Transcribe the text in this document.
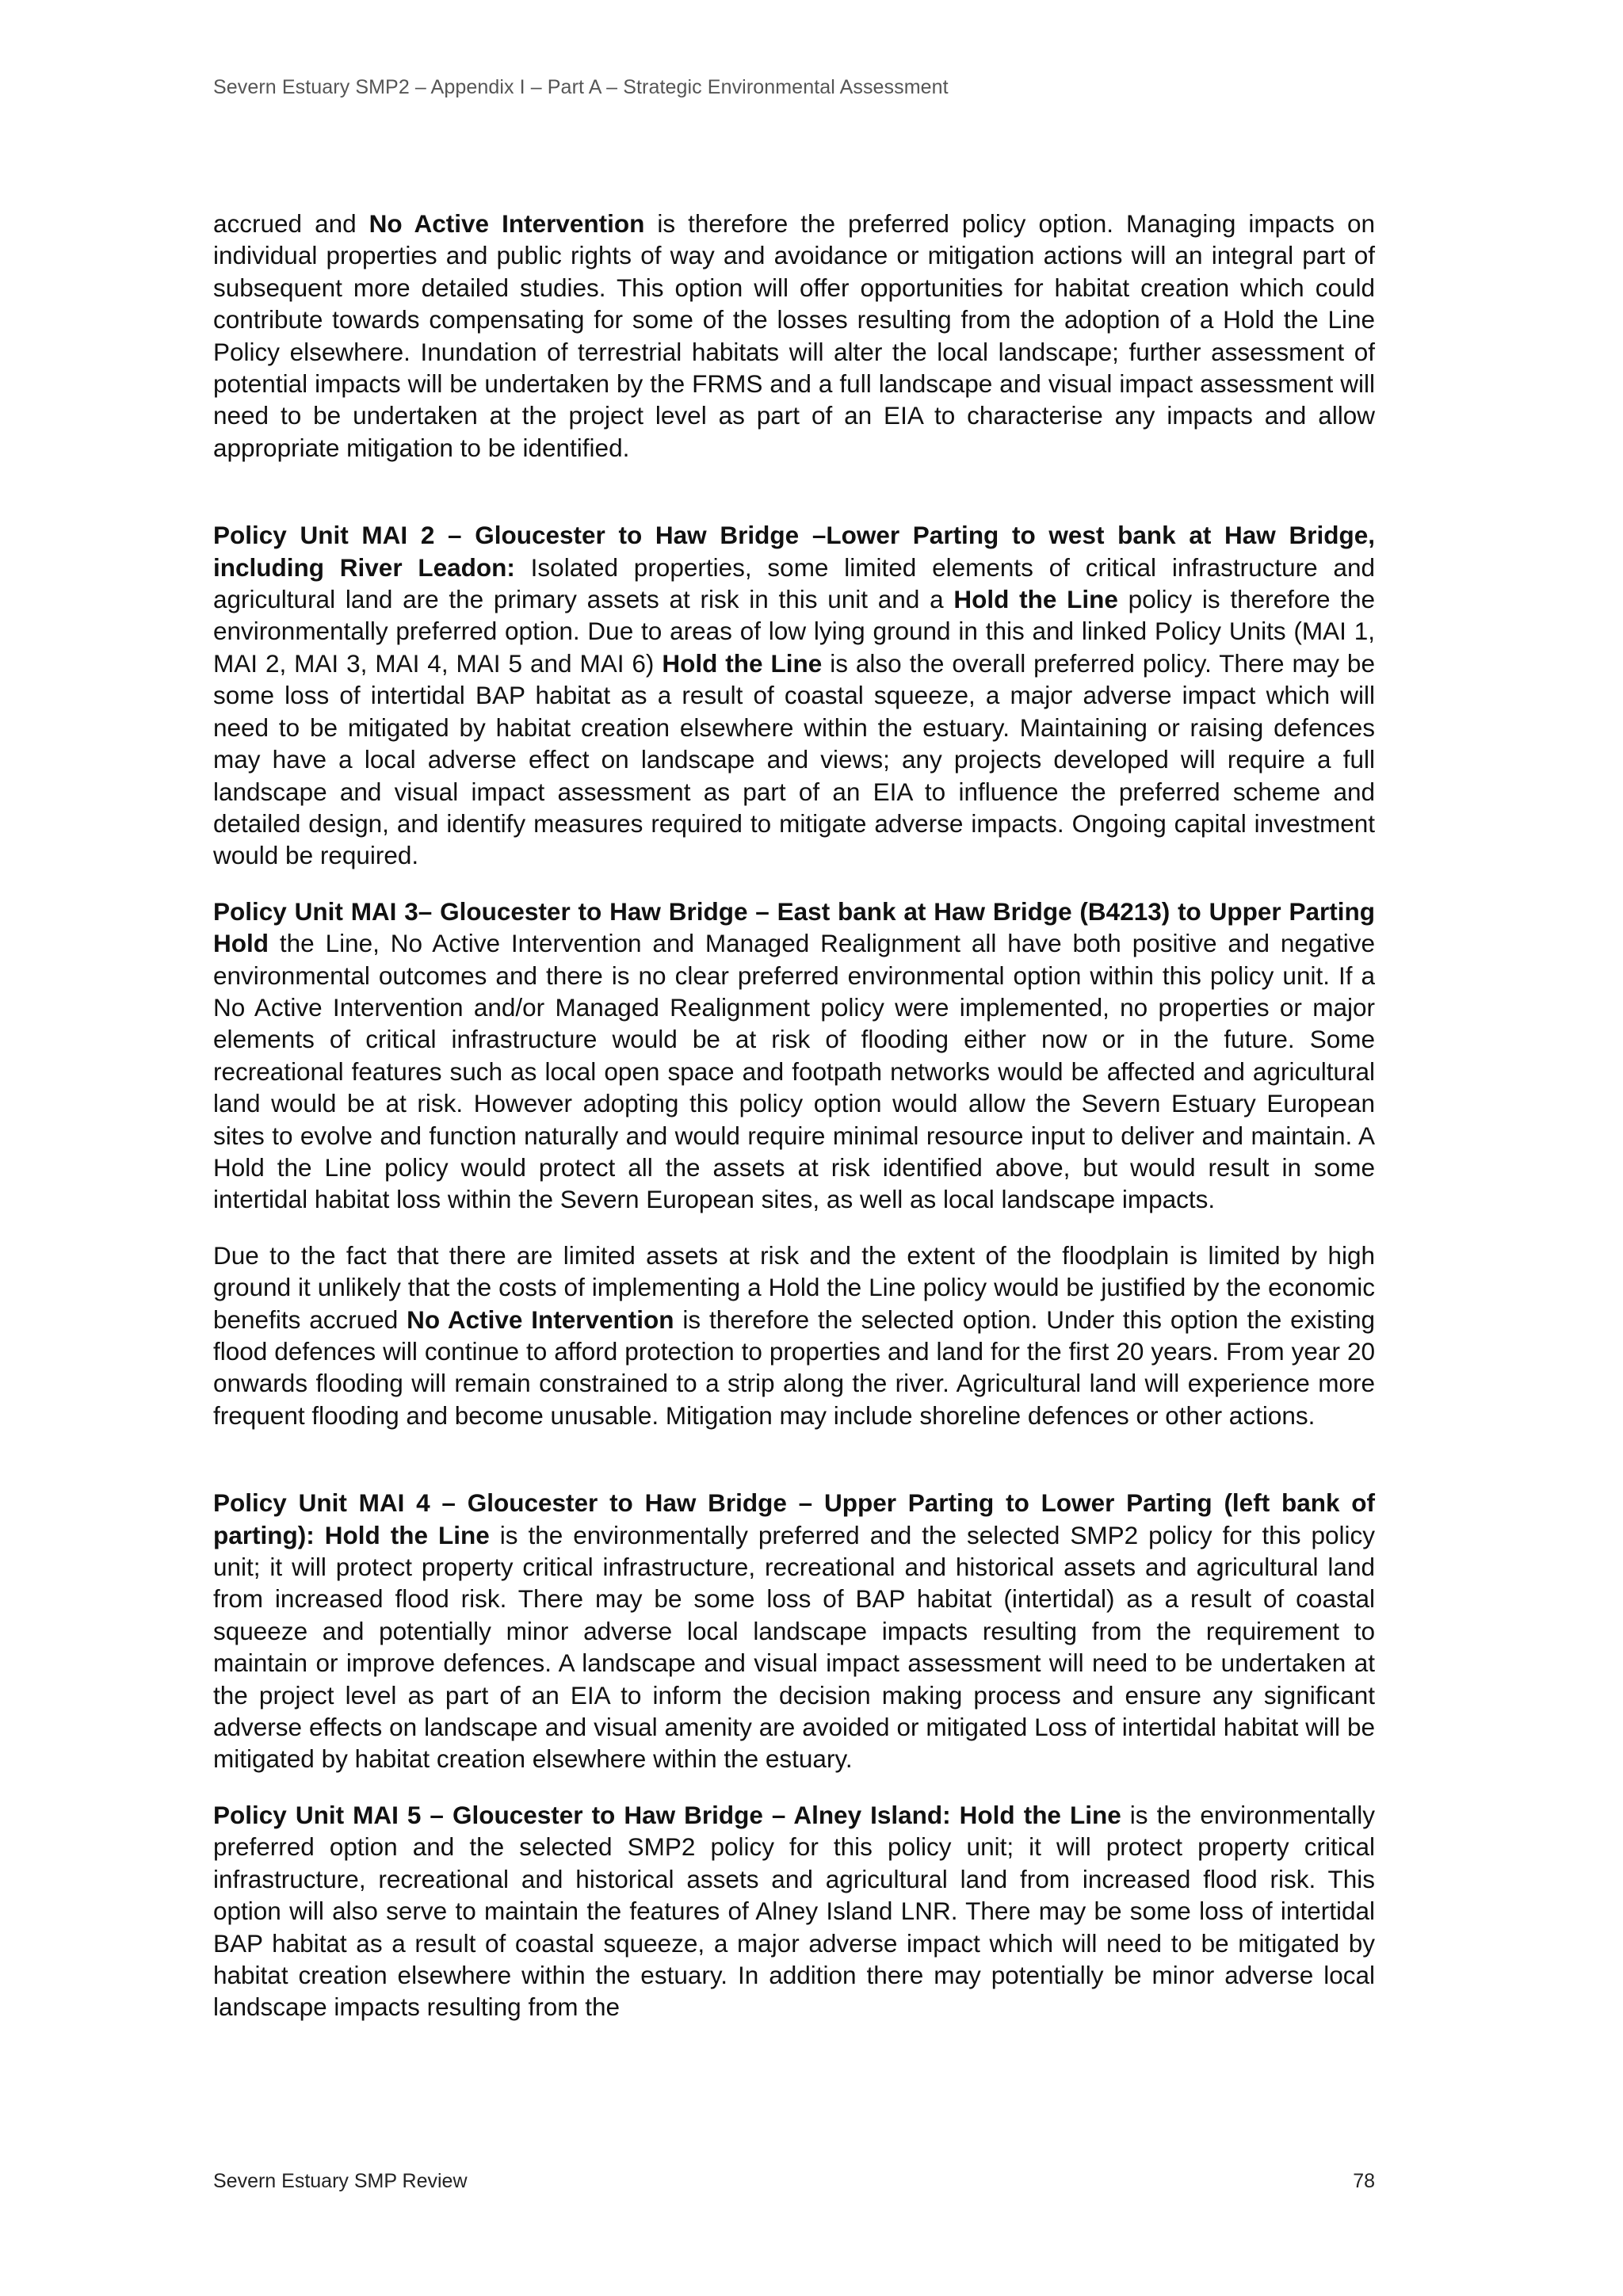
Severn Estuary SMP2 – Appendix I – Part A – Strategic Environmental Assessment

accrued and No Active Intervention is therefore the preferred policy option. Managing impacts on individual properties and public rights of way and avoidance or mitigation actions will an integral part of subsequent more detailed studies. This option will offer opportunities for habitat creation which could contribute towards compensating for some of the losses resulting from the adoption of a Hold the Line Policy elsewhere. Inundation of terrestrial habitats will alter the local landscape; further assessment of potential impacts will be undertaken by the FRMS and a full landscape and visual impact assessment will need to be undertaken at the project level as part of an EIA to characterise any impacts and allow appropriate mitigation to be identified.

Policy Unit MAI 2 – Gloucester to Haw Bridge –Lower Parting to west bank at Haw Bridge, including River Leadon: Isolated properties, some limited elements of critical infrastructure and agricultural land are the primary assets at risk in this unit and a Hold the Line policy is therefore the environmentally preferred option. Due to areas of low lying ground in this and linked Policy Units (MAI 1, MAI 2, MAI 3, MAI 4, MAI 5 and MAI 6) Hold the Line is also the overall preferred policy. There may be some loss of intertidal BAP habitat as a result of coastal squeeze, a major adverse impact which will need to be mitigated by habitat creation elsewhere within the estuary. Maintaining or raising defences may have a local adverse effect on landscape and views; any projects developed will require a full landscape and visual impact assessment as part of an EIA to influence the preferred scheme and detailed design, and identify measures required to mitigate adverse impacts. Ongoing capital investment would be required.

Policy Unit MAI 3– Gloucester to Haw Bridge – East bank at Haw Bridge (B4213) to Upper Parting Hold the Line, No Active Intervention and Managed Realignment all have both positive and negative environmental outcomes and there is no clear preferred environmental option within this policy unit. If a No Active Intervention and/or Managed Realignment policy were implemented, no properties or major elements of critical infrastructure would be at risk of flooding either now or in the future. Some recreational features such as local open space and footpath networks would be affected and agricultural land would be at risk. However adopting this policy option would allow the Severn Estuary European sites to evolve and function naturally and would require minimal resource input to deliver and maintain. A Hold the Line policy would protect all the assets at risk identified above, but would result in some intertidal habitat loss within the Severn European sites, as well as local landscape impacts.

Due to the fact that there are limited assets at risk and the extent of the floodplain is limited by high ground it unlikely that the costs of implementing a Hold the Line policy would be justified by the economic benefits accrued No Active Intervention is therefore the selected option. Under this option the existing flood defences will continue to afford protection to properties and land for the first 20 years. From year 20 onwards flooding will remain constrained to a strip along the river. Agricultural land will experience more frequent flooding and become unusable. Mitigation may include shoreline defences or other actions.

Policy Unit MAI 4 – Gloucester to Haw Bridge – Upper Parting to Lower Parting (left bank of parting): Hold the Line is the environmentally preferred and the selected SMP2 policy for this policy unit; it will protect property critical infrastructure, recreational and historical assets and agricultural land from increased flood risk. There may be some loss of BAP habitat (intertidal) as a result of coastal squeeze and potentially minor adverse local landscape impacts resulting from the requirement to maintain or improve defences. A landscape and visual impact assessment will need to be undertaken at the project level as part of an EIA to inform the decision making process and ensure any significant adverse effects on landscape and visual amenity are avoided or mitigated Loss of intertidal habitat will be mitigated by habitat creation elsewhere within the estuary.

Policy Unit MAI 5 – Gloucester to Haw Bridge – Alney Island: Hold the Line is the environmentally preferred option and the selected SMP2 policy for this policy unit; it will protect property critical infrastructure, recreational and historical assets and agricultural land from increased flood risk. This option will also serve to maintain the features of Alney Island LNR. There may be some loss of intertidal BAP habitat as a result of coastal squeeze, a major adverse impact which will need to be mitigated by habitat creation elsewhere within the estuary. In addition there may potentially be minor adverse local landscape impacts resulting from the

Severn Estuary SMP Review	78
